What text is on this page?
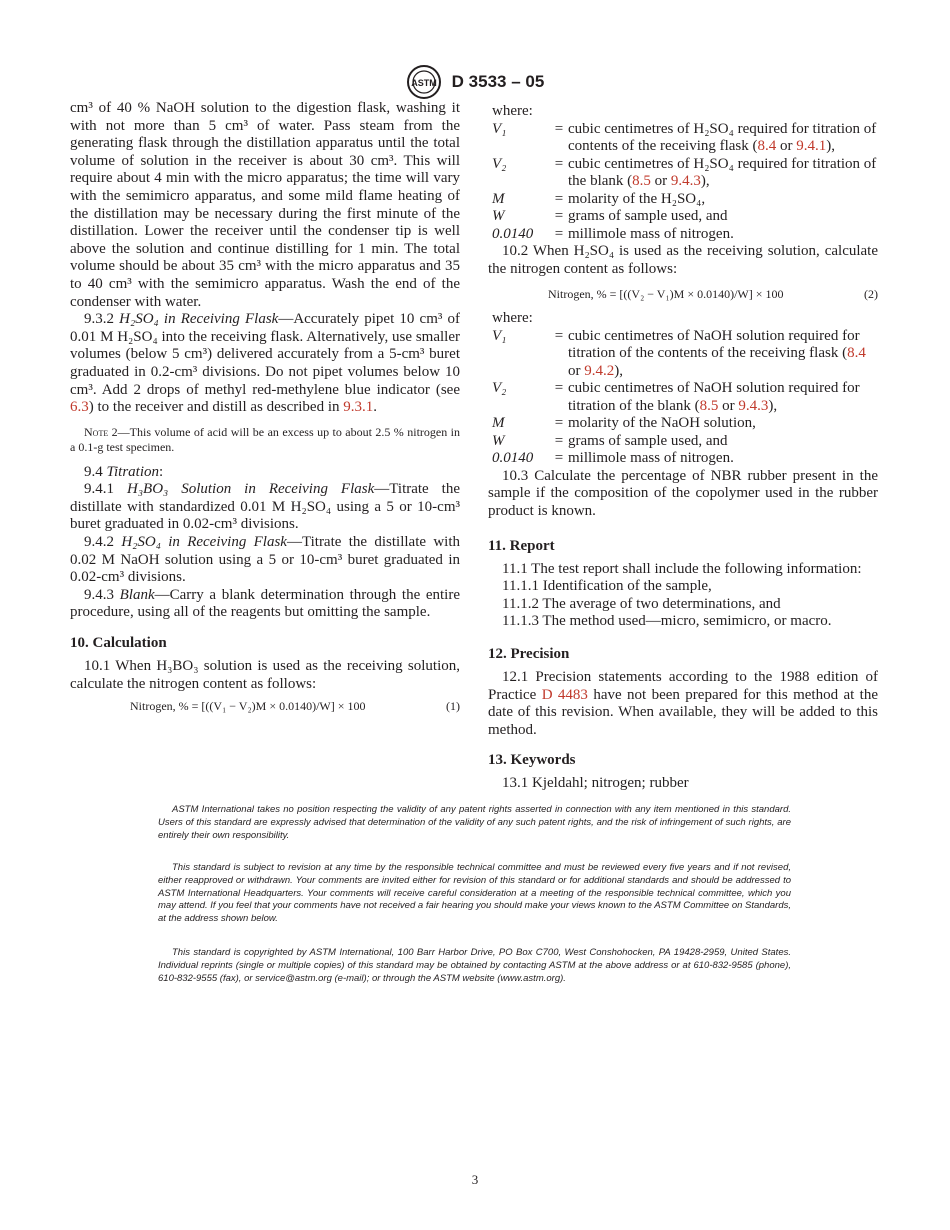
ASTM D 3533 – 05

cm³ of 40 % NaOH solution to the digestion flask, washing it with not more than 5 cm³ of water. Pass steam from the generating flask through the distillation apparatus until the total volume of solution in the receiver is about 30 cm³. This will require about 4 min with the micro apparatus; the time will vary with the semimicro apparatus, and some mild flame heating of the distillation may be necessary during the first minute of the distillation. Lower the receiver until the condenser tip is well above the solution and continue distilling for 1 min. The total volume should be about 35 cm³ with the micro apparatus and 35 to 40 cm³ with the semimicro apparatus. Wash the end of the condenser with water.

9.3.2 H₂SO₄ in Receiving Flask—Accurately pipet 10 cm³ of 0.01 M H₂SO₄ into the receiving flask. Alternatively, use smaller volumes (below 5 cm³) delivered accurately from a 5-cm³ buret graduated in 0.2-cm³ divisions. Do not pipet volumes below 10 cm³. Add 2 drops of methyl red-methylene blue indicator (see 6.3) to the receiver and distill as described in 9.3.1.

Note 2—This volume of acid will be an excess up to about 2.5 % nitrogen in a 0.1-g test specimen.

9.4 Titration:

9.4.1 H₃BO₃ Solution in Receiving Flask—Titrate the distillate with standardized 0.01 M H₂SO₄ using a 5 or 10-cm³ buret graduated in 0.02-cm³ divisions.

9.4.2 H₂SO₄ in Receiving Flask—Titrate the distillate with 0.02 M NaOH solution using a 5 or 10-cm³ buret graduated in 0.02-cm³ divisions.

9.4.3 Blank—Carry a blank determination through the entire procedure, using all of the reagents but omitting the sample.

10. Calculation

10.1 When H₃BO₃ solution is used as the receiving solution, calculate the nitrogen content as follows:

Nitrogen, % = [((V₁ − V₂)M × 0.0140)/W] × 100	(1)
where:
V₁	=	cubic centimetres of H₂SO₄ required for titration of contents of the receiving flask (8.4 or 9.4.1),
V₂	=	cubic centimetres of H₂SO₄ required for titration of the blank (8.5 or 9.4.3),
M	=	molarity of the H₂SO₄,
W	=	grams of sample used, and
0.0140	=	millimole mass of nitrogen.

10.2 When H₂SO₄ is used as the receiving solution, calculate the nitrogen content as follows:

Nitrogen, % = [((V₂ − V₁)M × 0.0140)/W] × 100	(2)
where:
V₁	=	cubic centimetres of NaOH solution required for titration of the contents of the receiving flask (8.4 or 9.4.2),
V₂	=	cubic centimetres of NaOH solution required for titration of the blank (8.5 or 9.4.3),
M	=	molarity of the NaOH solution,
W	=	grams of sample used, and
0.0140	=	millimole mass of nitrogen.

10.3 Calculate the percentage of NBR rubber present in the sample if the composition of the copolymer used in the rubber product is known.

11. Report

11.1 The test report shall include the following information:

11.1.1 Identification of the sample,

11.1.2 The average of two determinations, and

11.1.3 The method used—micro, semimicro, or macro.

12. Precision

12.1 Precision statements according to the 1988 edition of Practice D 4483 have not been prepared for this method at the date of this revision. When available, they will be added to this method.

13. Keywords

13.1 Kjeldahl; nitrogen; rubber

ASTM International takes no position respecting the validity of any patent rights asserted in connection with any item mentioned in this standard. Users of this standard are expressly advised that determination of the validity of any such patent rights, and the risk of infringement of such rights, are entirely their own responsibility.

This standard is subject to revision at any time by the responsible technical committee and must be reviewed every five years and if not revised, either reapproved or withdrawn. Your comments are invited either for revision of this standard or for additional standards and should be addressed to ASTM International Headquarters. Your comments will receive careful consideration at a meeting of the responsible technical committee, which you may attend. If you feel that your comments have not received a fair hearing you should make your views known to the ASTM Committee on Standards, at the address shown below.

This standard is copyrighted by ASTM International, 100 Barr Harbor Drive, PO Box C700, West Conshohocken, PA 19428-2959, United States. Individual reprints (single or multiple copies) of this standard may be obtained by contacting ASTM at the above address or at 610-832-9585 (phone), 610-832-9555 (fax), or service@astm.org (e-mail); or through the ASTM website (www.astm.org).

3
